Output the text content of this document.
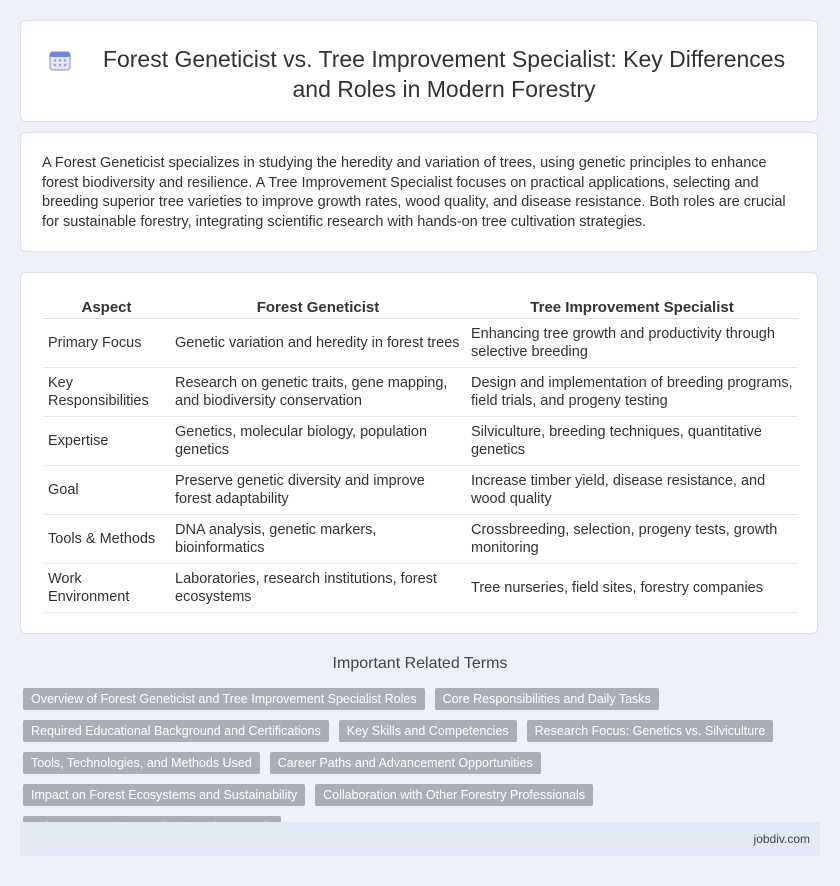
Forest Geneticist vs. Tree Improvement Specialist: Key Differences and Roles in Modern Forestry

A Forest Geneticist specializes in studying the heredity and variation of trees, using genetic principles to enhance forest biodiversity and resilience. A Tree Improvement Specialist focuses on practical applications, selecting and breeding superior tree varieties to improve growth rates, wood quality, and disease resistance. Both roles are crucial for sustainable forestry, integrating scientific research with hands-on tree cultivation strategies.

Aspect	Forest Geneticist	Tree Improvement Specialist
Primary Focus	Genetic variation and heredity in forest trees	Enhancing tree growth and productivity through selective breeding
Key Responsibilities	Research on genetic traits, gene mapping, and biodiversity conservation	Design and implementation of breeding programs, field trials, and progeny testing
Expertise	Genetics, molecular biology, population genetics	Silviculture, breeding techniques, quantitative genetics
Goal	Preserve genetic diversity and improve forest adaptability	Increase timber yield, disease resistance, and wood quality
Tools & Methods	DNA analysis, genetic markers, bioinformatics	Crossbreeding, selection, progeny tests, growth monitoring
Work Environment	Laboratories, research institutions, forest ecosystems	Tree nurseries, field sites, forestry companies
Important Related Terms
Overview of Forest Geneticist and Tree Improvement Specialist Roles	Core Responsibilities and Daily Tasks
Required Educational Background and Certifications	Key Skills and Competencies	Research Focus: Genetics vs. Silviculture
Tools, Technologies, and Methods Used	Career Paths and Advancement Opportunities
Impact on Forest Ecosystems and Sustainability	Collaboration with Other Forestry Professionals
jobdiv.com
